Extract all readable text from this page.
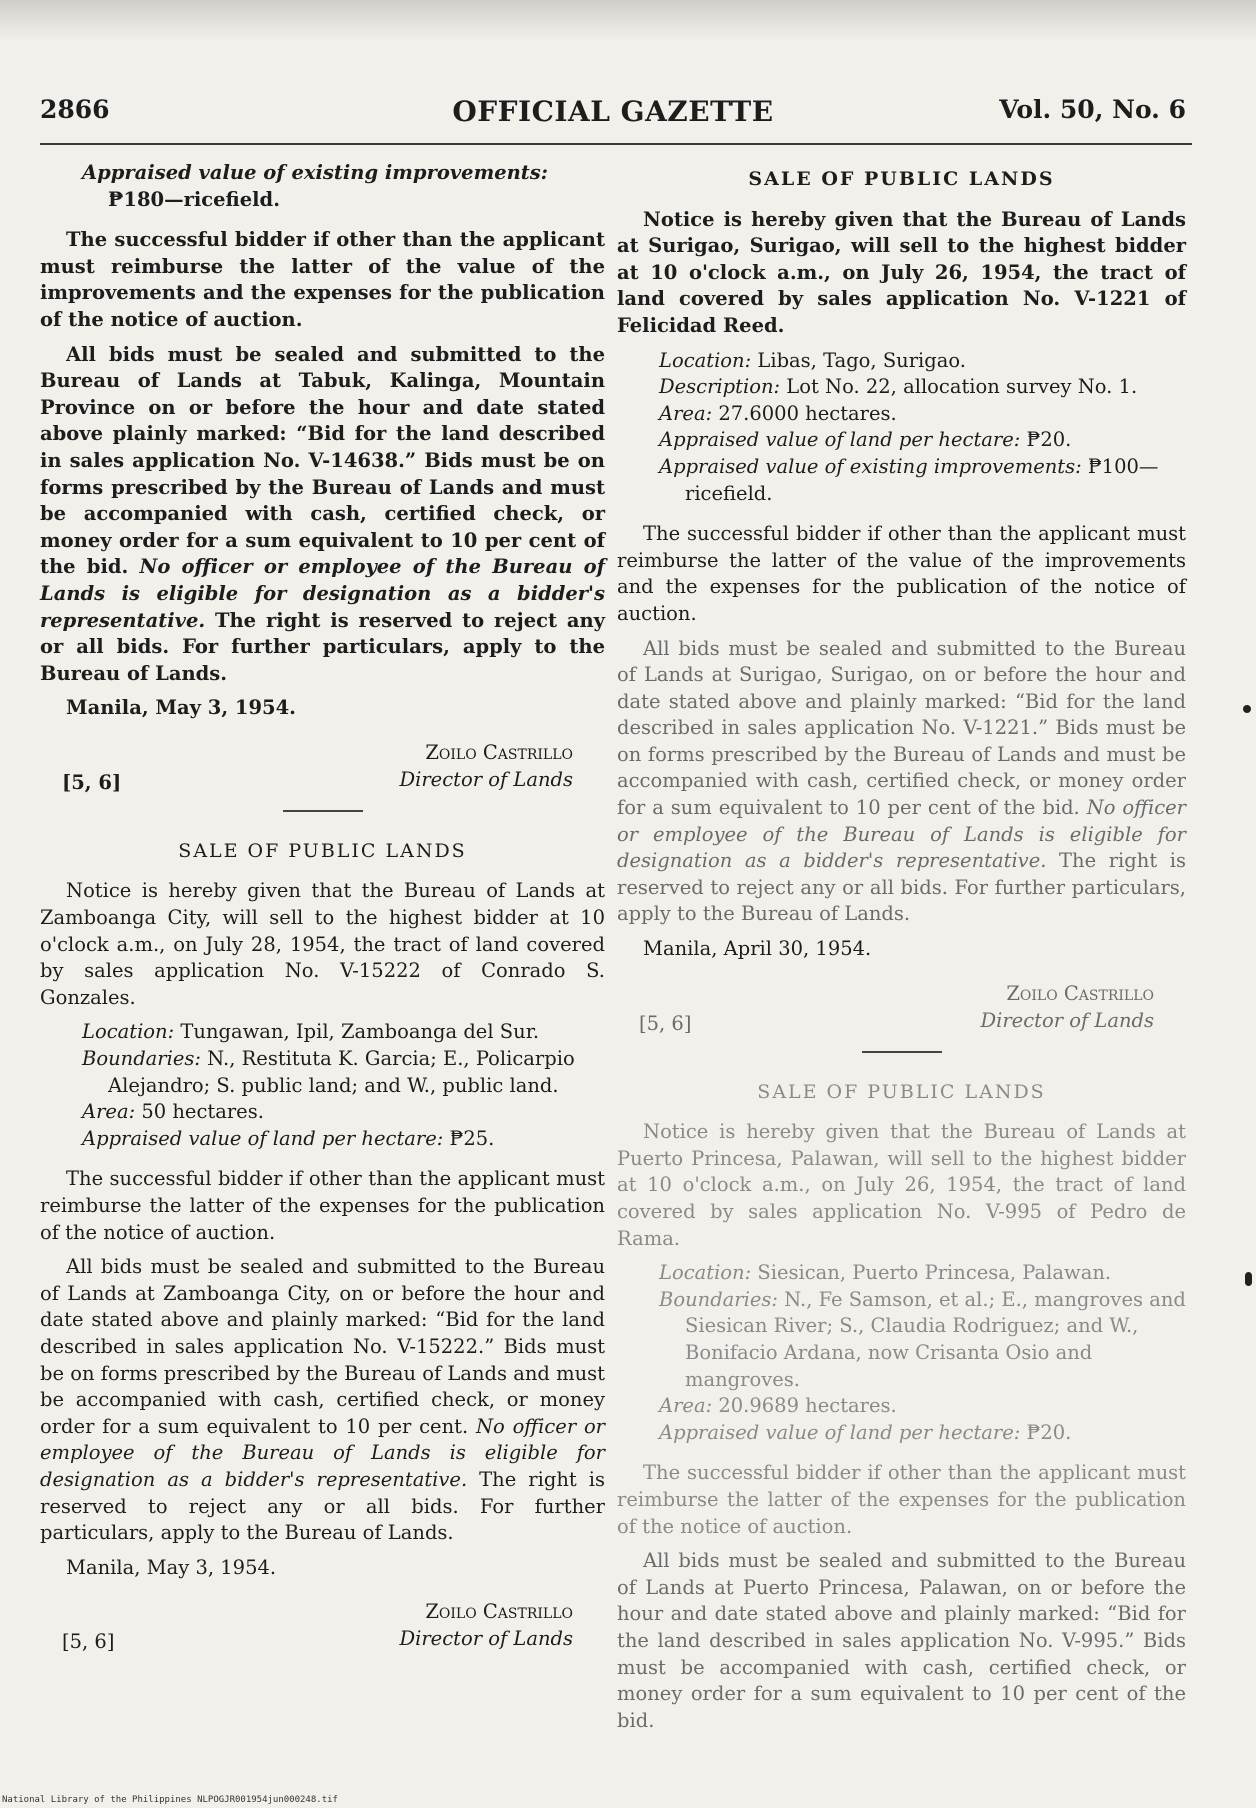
OFFICIAL GAZETTE
2866	Vol. 50, No. 6

Appraised value of existing improvements:
₱180—ricefield.

The successful bidder if other than the applicant must reimburse the latter of the value of the improvements and the expenses for the publication of the notice of auction.

All bids must be sealed and submitted to the Bureau of Lands at Tabuk, Kalinga, Mountain Province on or before the hour and date stated above plainly marked: “Bid for the land described in sales application No. V-14638.” Bids must be on forms prescribed by the Bureau of Lands and must be accompanied with cash, certified check, or money order for a sum equivalent to 10 per cent of the bid. No officer or employee of the Bureau of Lands is eligible for designation as a bidder's representative. The right is reserved to reject any or all bids. For further particulars, apply to the Bureau of Lands.

Manila, May 3, 1954.

Zoilo Castrillo
Director of Lands
[5, 6]

SALE OF PUBLIC LANDS

Notice is hereby given that the Bureau of Lands at Zamboanga City, will sell to the highest bidder at 10 o'clock a.m., on July 28, 1954, the tract of land covered by sales application No. V-15222 of Conrado S. Gonzales.

Location: Tungawan, Ipil, Zamboanga del Sur.

Boundaries: N., Restituta K. Garcia; E., Policarpio Alejandro; S. public land; and W., public land.

Area: 50 hectares.

Appraised value of land per hectare: ₱25.

The successful bidder if other than the applicant must reimburse the latter of the expenses for the publication of the notice of auction.

All bids must be sealed and submitted to the Bureau of Lands at Zamboanga City, on or before the hour and date stated above and plainly marked: “Bid for the land described in sales application No. V-15222.” Bids must be on forms prescribed by the Bureau of Lands and must be accompanied with cash, certified check, or money order for a sum equivalent to 10 per cent. No officer or employee of the Bureau of Lands is eligible for designation as a bidder's representative. The right is reserved to reject any or all bids. For further particulars, apply to the Bureau of Lands.

Manila, May 3, 1954.

Zoilo Castrillo
Director of Lands
[5, 6]

SALE OF PUBLIC LANDS

Notice is hereby given that the Bureau of Lands at Surigao, Surigao, will sell to the highest bidder at 10 o'clock a.m., on July 26, 1954, the tract of land covered by sales application No. V-1221 of Felicidad Reed.

Location: Libas, Tago, Surigao.

Description: Lot No. 22, allocation survey No. 1.

Area: 27.6000 hectares.

Appraised value of land per hectare: ₱20.

Appraised value of existing improvements: ₱100—ricefield.

The successful bidder if other than the applicant must reimburse the latter of the value of the improvements and the expenses for the publication of the notice of auction.

All bids must be sealed and submitted to the Bureau of Lands at Surigao, Surigao, on or before the hour and date stated above and plainly marked: “Bid for the land described in sales application No. V-1221.” Bids must be on forms prescribed by the Bureau of Lands and must be accompanied with cash, certified check, or money order for a sum equivalent to 10 per cent of the bid. No officer or employee of the Bureau of Lands is eligible for designation as a bidder's representative. The right is reserved to reject any or all bids. For further particulars, apply to the Bureau of Lands.

Manila, April 30, 1954.

Zoilo Castrillo
Director of Lands
[5, 6]

SALE OF PUBLIC LANDS

Notice is hereby given that the Bureau of Lands at Puerto Princesa, Palawan, will sell to the highest bidder at 10 o'clock a.m., on July 26, 1954, the tract of land covered by sales application No. V-995 of Pedro de Rama.

Location: Siesican, Puerto Princesa, Palawan.

Boundaries: N., Fe Samson, et al.; E., mangroves and Siesican River; S., Claudia Rodriguez; and W., Bonifacio Ardana, now Crisanta Osio and mangroves.

Area: 20.9689 hectares.

Appraised value of land per hectare: ₱20.

The successful bidder if other than the applicant must reimburse the latter of the expenses for the publication of the notice of auction.

All bids must be sealed and submitted to the Bureau of Lands at Puerto Princesa, Palawan, on or before the hour and date stated above and plainly marked: “Bid for the land described in sales application No. V-995.” Bids must be accompanied with cash, certified check, or money order for a sum equivalent to 10 per cent of the bid.

National Library of the Philippines NLPOGJR001954jun000248.tif
